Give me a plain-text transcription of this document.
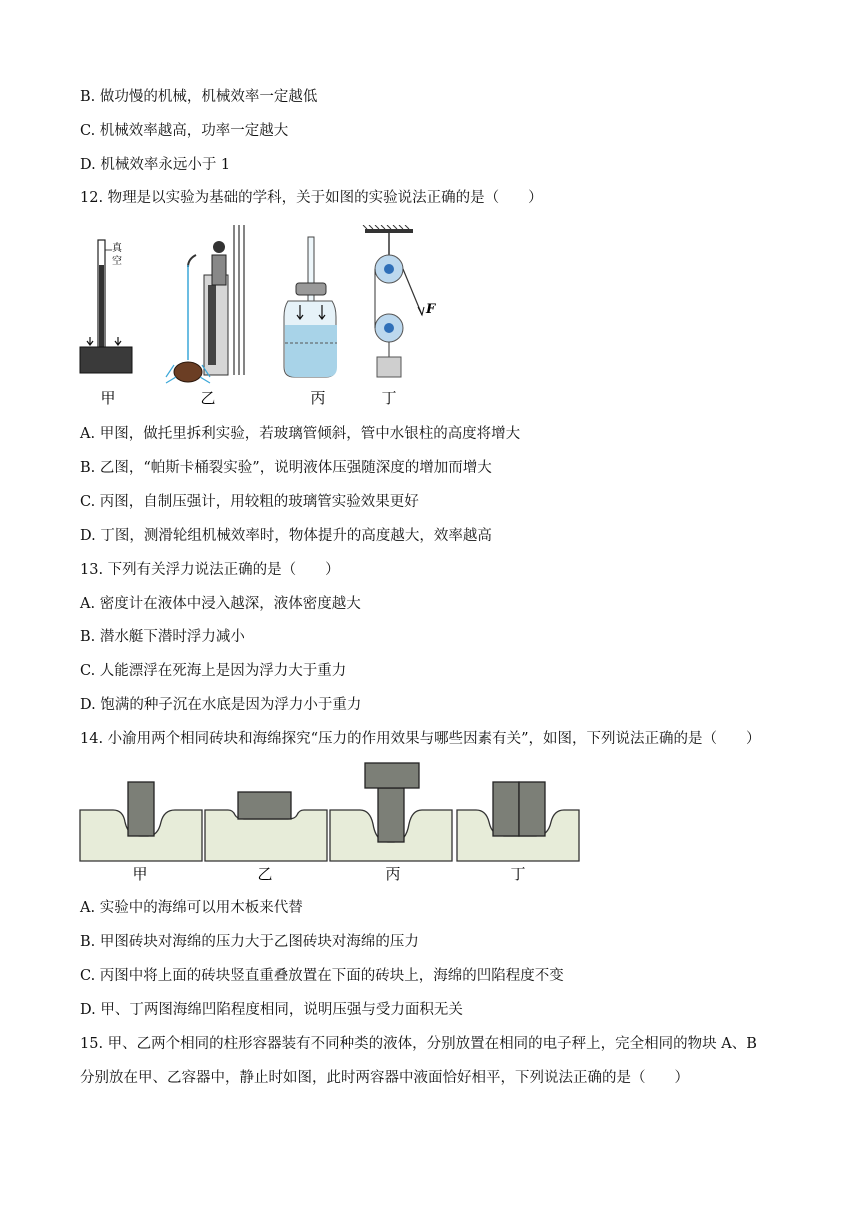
B. 做功慢的机械，机械效率一定越低
C. 机械效率越高，功率一定越大
D. 机械效率永远小于 1
12. 物理是以实验为基础的学科，关于如图的实验说法正确的是（　　）
真
空
F
甲	乙	丙	丁
A. 甲图，做托里拆利实验，若玻璃管倾斜，管中水银柱的高度将增大
B. 乙图，“帕斯卡桶裂实验”，说明液体压强随深度的增加而增大
C. 丙图，自制压强计，用较粗的玻璃管实验效果更好
D. 丁图，测滑轮组机械效率时，物体提升的高度越大，效率越高
13. 下列有关浮力说法正确的是（　　）
A. 密度计在液体中浸入越深，液体密度越大
B. 潜水艇下潜时浮力减小
C. 人能漂浮在死海上是因为浮力大于重力
D. 饱满的种子沉在水底是因为浮力小于重力
14. 小渝用两个相同砖块和海绵探究“压力的作用效果与哪些因素有关”，如图，下列说法正确的是（　　）
甲	乙	丙	丁
A. 实验中的海绵可以用木板来代替
B. 甲图砖块对海绵的压力大于乙图砖块对海绵的压力
C. 丙图中将上面的砖块竖直重叠放置在下面的砖块上，海绵的凹陷程度不变
D. 甲、丁两图海绵凹陷程度相同，说明压强与受力面积无关
15. 甲、乙两个相同的柱形容器装有不同种类的液体，分别放置在相同的电子秤上，完全相同的物块 A、B
分别放在甲、乙容器中，静止时如图，此时两容器中液面恰好相平，下列说法正确的是（　　）
